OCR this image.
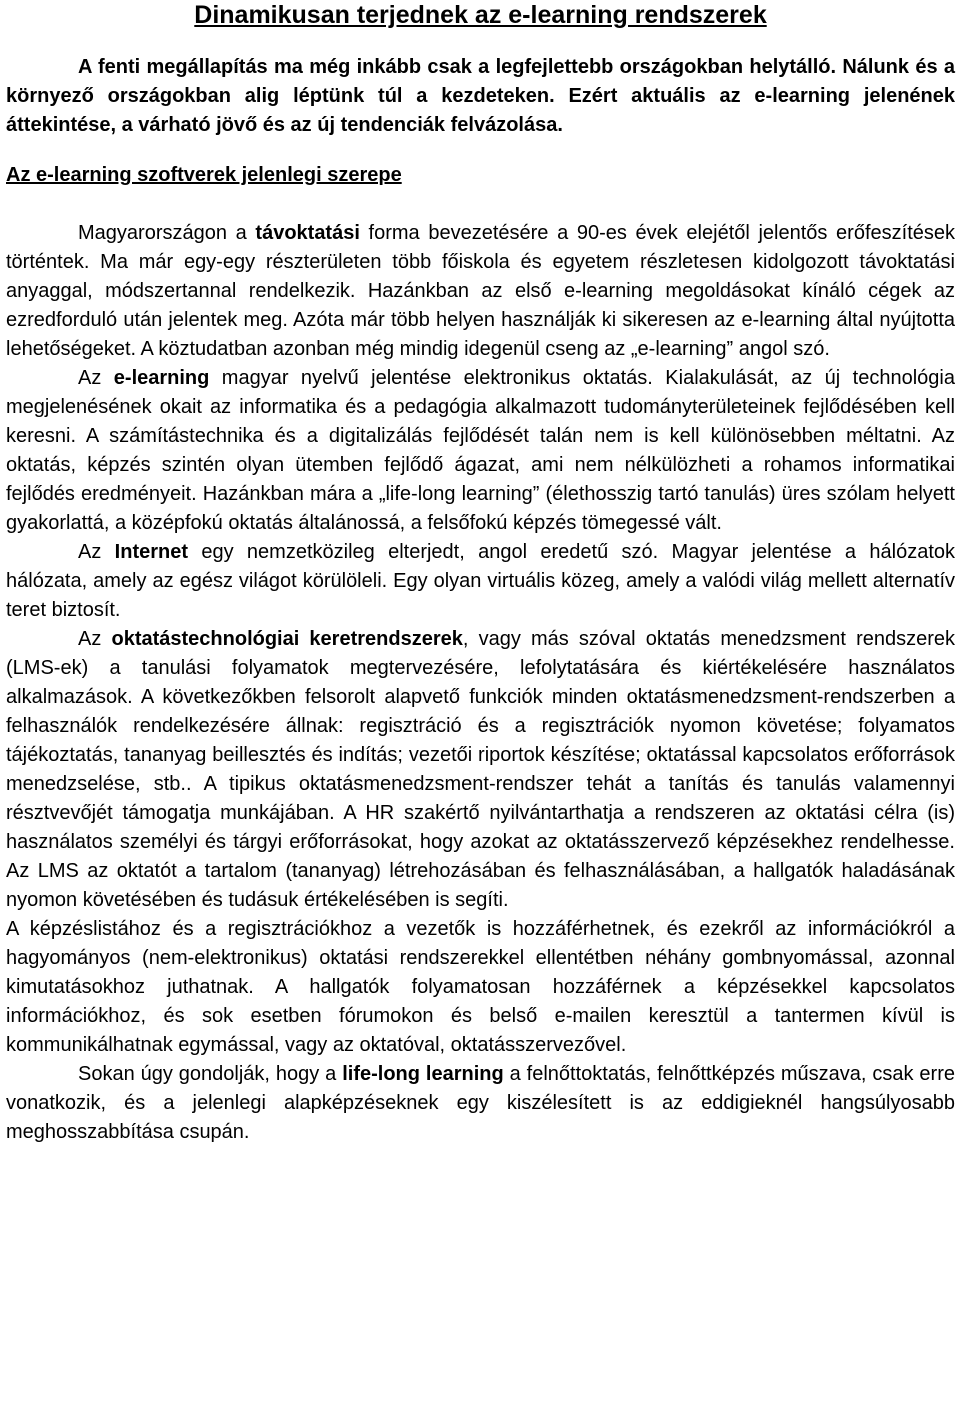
Dinamikusan terjednek az e-learning rendszerek

A fenti megállapítás ma még inkább csak a legfejlettebb országokban helytálló. Nálunk és a környező országokban alig léptünk túl a kezdeteken. Ezért aktuális az e-learning jelenének áttekintése, a várható jövő és az új tendenciák felvázolása.

Az e-learning szoftverek jelenlegi szerepe

Magyarországon a távoktatási forma bevezetésére a 90-es évek elejétől jelentős erőfeszítések történtek. Ma már egy-egy részterületen több főiskola és egyetem részletesen kidolgozott távoktatási anyaggal, módszertannal rendelkezik. Hazánkban az első e-learning megoldásokat kínáló cégek az ezredforduló után jelentek meg. Azóta már több helyen használják ki sikeresen az e-learning által nyújtotta lehetőségeket. A köztudatban azonban még mindig idegenül cseng az „e-learning” angol szó.

Az e-learning magyar nyelvű jelentése elektronikus oktatás. Kialakulását, az új technológia megjelenésének okait az informatika és a pedagógia alkalmazott tudományterületeinek fejlődésében kell keresni. A számítástechnika és a digitalizálás fejlődését talán nem is kell különösebben méltatni. Az oktatás, képzés szintén olyan ütemben fejlődő ágazat, ami nem nélkülözheti a rohamos informatikai fejlődés eredményeit. Hazánkban mára a „life-long learning” (élethosszig tartó tanulás) üres szólam helyett gyakorlattá, a középfokú oktatás általánossá, a felsőfokú képzés tömegessé vált.

Az Internet egy nemzetközileg elterjedt, angol eredetű szó. Magyar jelentése a hálózatok hálózata, amely az egész világot körülöleli. Egy olyan virtuális közeg, amely a valódi világ mellett alternatív teret biztosít.

Az oktatástechnológiai keretrendszerek, vagy más szóval oktatás menedzsment rendszerek (LMS-ek) a tanulási folyamatok megtervezésére, lefolytatására és kiértékelésére használatos alkalmazások. A következőkben felsorolt alapvető funkciók minden oktatásmenedzsment-rendszerben a felhasználók rendelkezésére állnak: regisztráció és a regisztrációk nyomon követése; folyamatos tájékoztatás, tananyag beillesztés és indítás; vezetői riportok készítése; oktatással kapcsolatos erőforrások menedzselése, stb.. A tipikus oktatásmenedzsment-rendszer tehát a tanítás és tanulás valamennyi résztvevőjét támogatja munkájában. A HR szakértő nyilvántarthatja a rendszeren az oktatási célra (is) használatos személyi és tárgyi erőforrásokat, hogy azokat az oktatásszervező képzésekhez rendelhesse. Az LMS az oktatót a tartalom (tananyag) létrehozásában és felhasználásában, a hallgatók haladásának nyomon követésében és tudásuk értékelésében is segíti.

A képzéslistához és a regisztrációkhoz a vezetők is hozzáférhetnek, és ezekről az információkról a hagyományos (nem-elektronikus) oktatási rendszerekkel ellentétben néhány gombnyomással, azonnal kimutatásokhoz juthatnak. A hallgatók folyamatosan hozzáférnek a képzésekkel kapcsolatos információkhoz, és sok esetben fórumokon és belső e-mailen keresztül a tantermen kívül is kommunikálhatnak egymással, vagy az oktatóval, oktatásszervezővel.

Sokan úgy gondolják, hogy a life-long learning a felnőttoktatás, felnőttképzés műszava, csak erre vonatkozik, és a jelenlegi alapképzéseknek egy kiszélesített is az eddigieknél hangsúlyosabb meghosszabbítása csupán.
